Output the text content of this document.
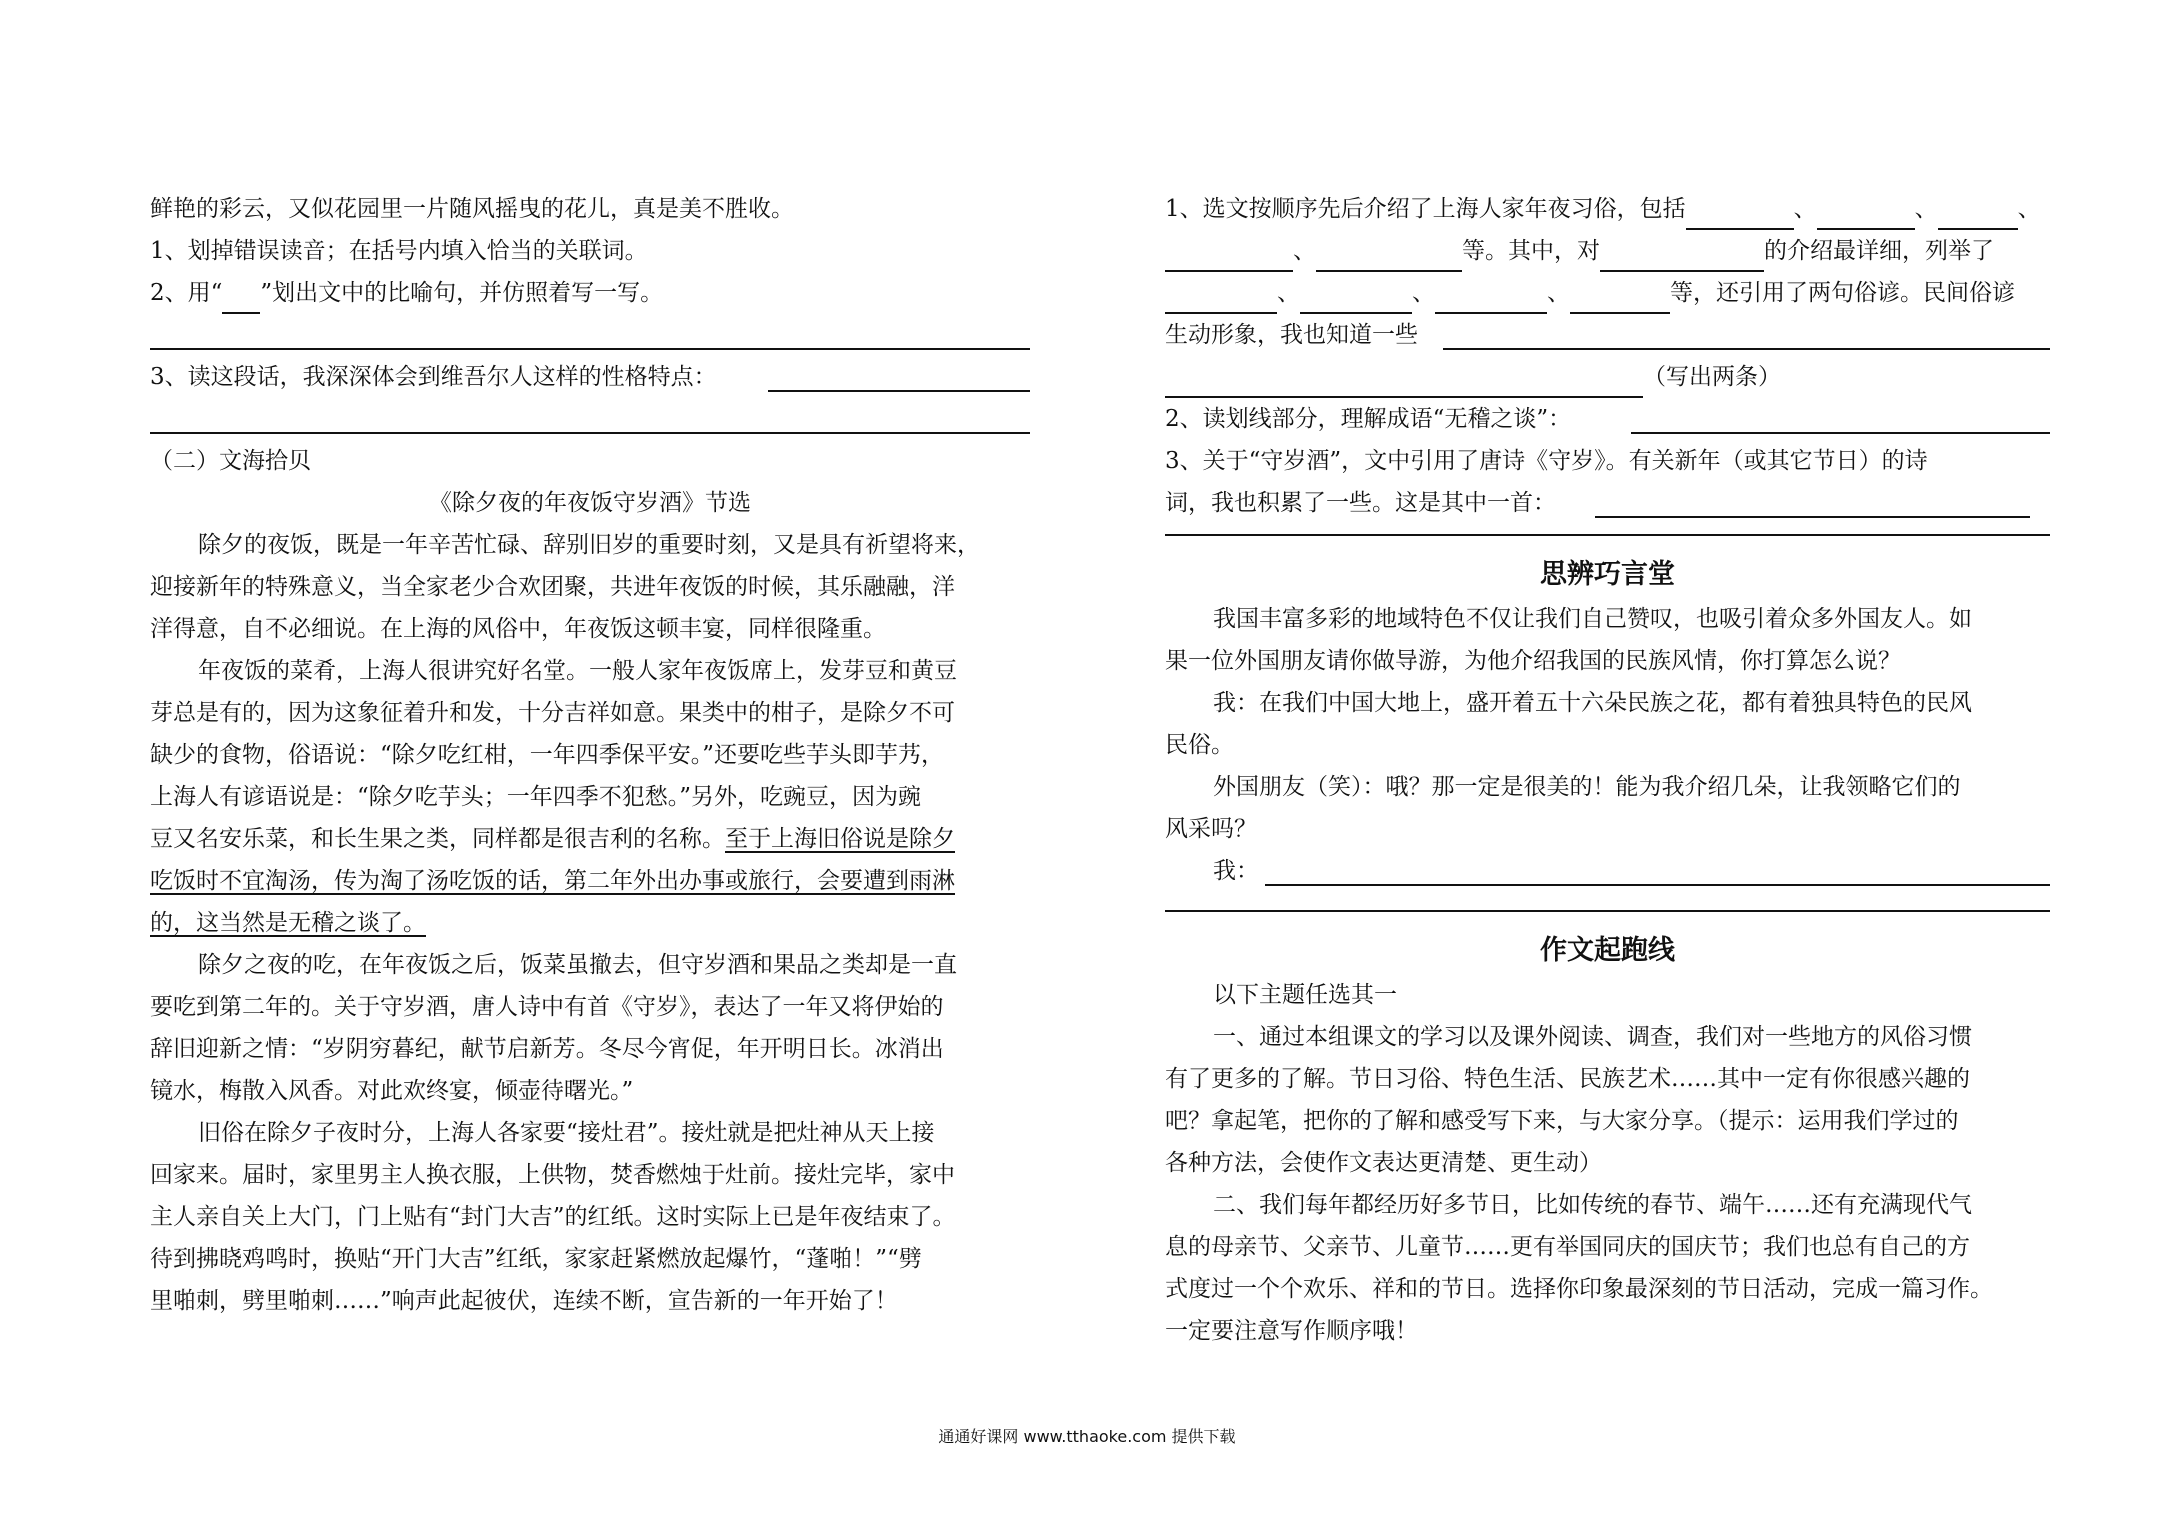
鲜艳的彩云，又似花园里一片随风摇曳的花儿，真是美不胜收。
1、划掉错误读音；在括号内填入恰当的关联词。
2、用“ ”划出文中的比喻句，并仿照着写一写。
3、读这段话，我深深体会到维吾尔人这样的性格特点：
（二）文海拾贝
《除夕夜的年夜饭守岁酒》节选
除夕的夜饭，既是一年辛苦忙碌、辞别旧岁的重要时刻，又是具有祈望将来，
迎接新年的特殊意义，当全家老少合欢团聚，共进年夜饭的时候，其乐融融，洋
洋得意，自不必细说。在上海的风俗中，年夜饭这顿丰宴，同样很隆重。
年夜饭的菜肴，上海人很讲究好名堂。一般人家年夜饭席上，发芽豆和黄豆
芽总是有的，因为这象征着升和发，十分吉祥如意。果类中的柑子，是除夕不可
缺少的食物，俗语说：“除夕吃红柑，一年四季保平安。”还要吃些芋头即芋艿，
上海人有谚语说是：“除夕吃芋头；一年四季不犯愁。”另外，吃豌豆，因为豌
豆又名安乐菜，和长生果之类，同样都是很吉利的名称。至于上海旧俗说是除夕
吃饭时不宜淘汤，传为淘了汤吃饭的话，第二年外出办事或旅行，会要遭到雨淋
的，这当然是无稽之谈了。
除夕之夜的吃，在年夜饭之后，饭菜虽撤去，但守岁酒和果品之类却是一直
要吃到第二年的。关于守岁酒，唐人诗中有首《守岁》，表达了一年又将伊始的
辞旧迎新之情：“岁阴穷暮纪，献节启新芳。冬尽今宵促，年开明日长。冰消出
镜水，梅散入风香。对此欢终宴，倾壶待曙光。”
旧俗在除夕子夜时分，上海人各家要“接灶君”。接灶就是把灶神从天上接
回家来。届时，家里男主人换衣服，上供物，焚香燃烛于灶前。接灶完毕，家中
主人亲自关上大门，门上贴有“封门大吉”的红纸。这时实际上已是年夜结束了。
待到拂晓鸡鸣时，换贴“开门大吉”红纸，家家赶紧燃放起爆竹，“蓬啪！”“劈
里啪刺，劈里啪刺……”响声此起彼伏，连续不断，宣告新的一年开始了！
1、选文按顺序先后介绍了上海人家年夜习俗，包括	、	、	、
、	等。其中，对	的介绍最详细，列举了
、	、	、	等，还引用了两句俗谚。民间俗谚
生动形象，我也知道一些
（写出两条）
2、读划线部分，理解成语“无稽之谈”：
3、关于“守岁酒”，文中引用了唐诗《守岁》。有关新年（或其它节日）的诗
词，我也积累了一些。这是其中一首：
思辨巧言堂
我国丰富多彩的地域特色不仅让我们自己赞叹，也吸引着众多外国友人。如
果一位外国朋友请你做导游，为他介绍我国的民族风情，你打算怎么说？
我：在我们中国大地上，盛开着五十六朵民族之花，都有着独具特色的民风
民俗。
外国朋友（笑）：哦？那一定是很美的！能为我介绍几朵，让我领略它们的
风采吗？
我：
作文起跑线
以下主题任选其一
一、通过本组课文的学习以及课外阅读、调查，我们对一些地方的风俗习惯
有了更多的了解。节日习俗、特色生活、民族艺术……其中一定有你很感兴趣的
吧？拿起笔，把你的了解和感受写下来，与大家分享。（提示：运用我们学过的
各种方法，会使作文表达更清楚、更生动）
二、我们每年都经历好多节日，比如传统的春节、端午……还有充满现代气
息的母亲节、父亲节、儿童节……更有举国同庆的国庆节；我们也总有自己的方
式度过一个个欢乐、祥和的节日。选择你印象最深刻的节日活动，完成一篇习作。
一定要注意写作顺序哦！
通通好课网 www.tthaoke.com 提供下载
